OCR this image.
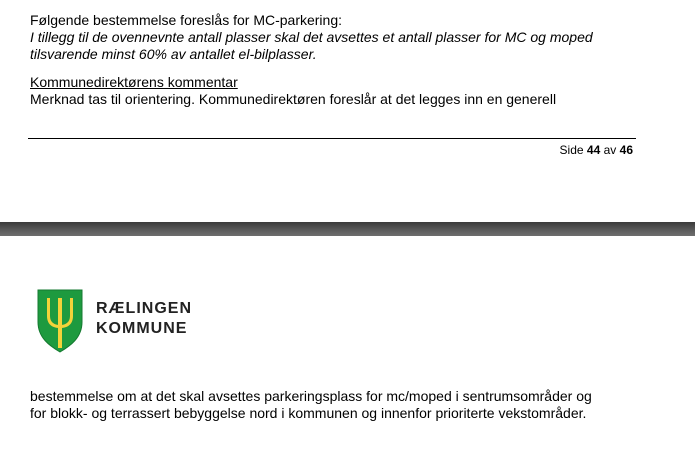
Følgende bestemmelse foreslås for MC-parkering:
I tillegg til de ovennevnte antall plasser skal det avsettes et antall plasser for MC og moped
tilsvarende minst 60% av antallet el-bilplasser.
Kommunedirektørens kommentar
Merknad tas til orientering. Kommunedirektøren foreslår at det legges inn en generell
Side 44 av 46
RÆLINGEN
KOMMUNE
bestemmelse om at det skal avsettes parkeringsplass for mc/moped i sentrumsområder og
for blokk- og terrassert bebyggelse nord i kommunen og innenfor prioriterte vekstområder.
